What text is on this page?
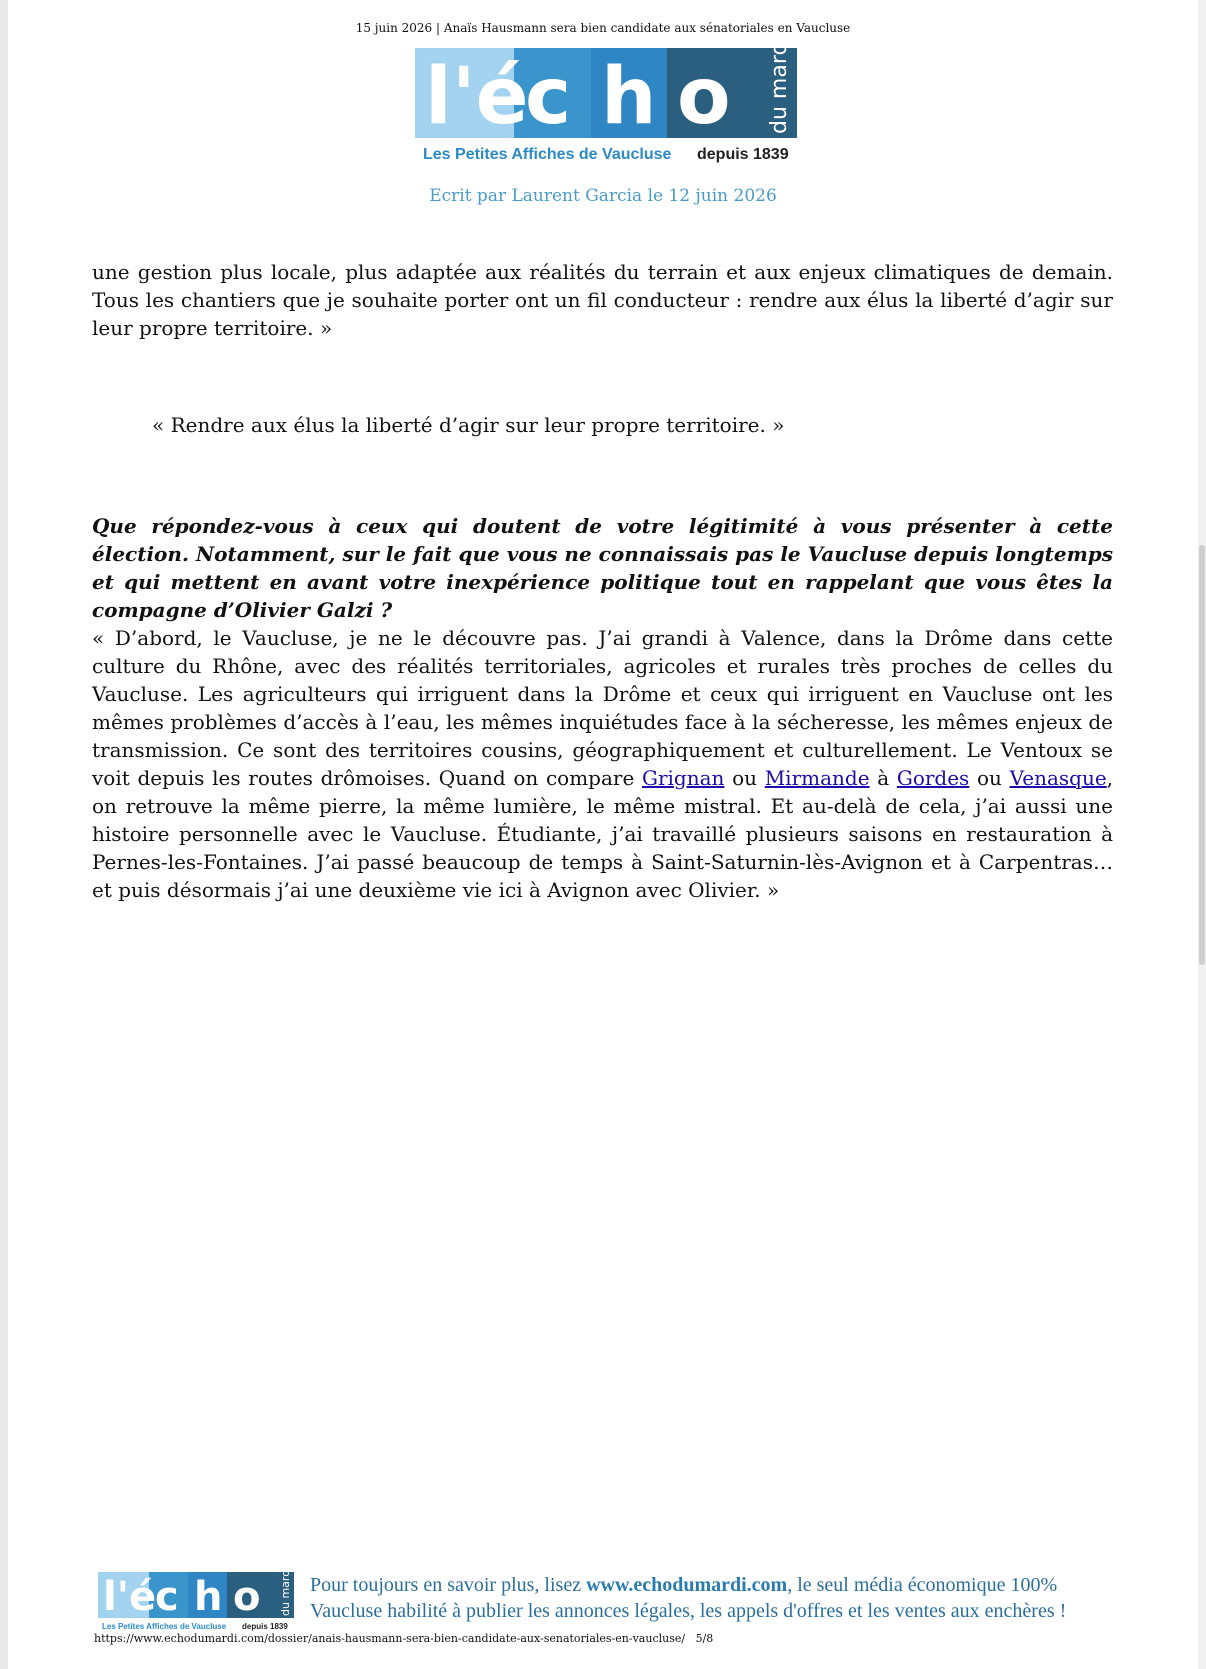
15 juin 2026 | Anaïs Hausmann sera bien candidate aux sénatoriales en Vaucluse
l'é
c h o du mardi
Les Petites Affiches de Vaucluse depuis 1839
Ecrit par Laurent Garcia le 12 juin 2026
une gestion plus locale, plus adaptée aux réalités du terrain et aux enjeux climatiques de demain. Tous les chantiers que je souhaite porter ont un fil conducteur : rendre aux élus la liberté d’agir sur leur propre territoire. »
« Rendre aux élus la liberté d’agir sur leur propre territoire. »
Que répondez-vous à ceux qui doutent de votre légitimité à vous présenter à cette élection. Notamment, sur le fait que vous ne connaissais pas le Vaucluse depuis longtemps et qui mettent en avant votre inexpérience politique tout en rappelant que vous êtes la compagne d’Olivier Galzi ?
« D’abord, le Vaucluse, je ne le découvre pas. J’ai grandi à Valence, dans la Drôme dans cette culture du Rhône, avec des réalités territoriales, agricoles et rurales très proches de celles du Vaucluse. Les agriculteurs qui irriguent dans la Drôme et ceux qui irriguent en Vaucluse ont les mêmes problèmes d’accès à l’eau, les mêmes inquiétudes face à la sécheresse, les mêmes enjeux de transmission. Ce sont des territoires cousins, géographiquement et culturellement. Le Ventoux se voit depuis les routes drômoises. Quand on compare Grignan ou Mirmande à Gordes ou Venasque, on retrouve la même pierre, la même lumière, le même mistral. Et au-delà de cela, j’ai aussi une histoire personnelle avec le Vaucluse. Étudiante, j’ai travaillé plusieurs saisons en restauration à Pernes-les-Fontaines. J’ai passé beaucoup de temps à Saint-Saturnin-lès-Avignon et à Carpentras… et puis désormais j’ai une deuxième vie ici à Avignon avec Olivier. »
l'é
c h o du mardi
Les Petites Affiches de Vaucluse depuis 1839
Pour toujours en savoir plus, lisez www.echodumardi.com, le seul média économique 100% Vaucluse habilité à publier les annonces légales, les appels d'offres et les ventes aux enchères !
https://www.echodumardi.com/dossier/anais-hausmann-sera-bien-candidate-aux-senatoriales-en-vaucluse/ 5/8
